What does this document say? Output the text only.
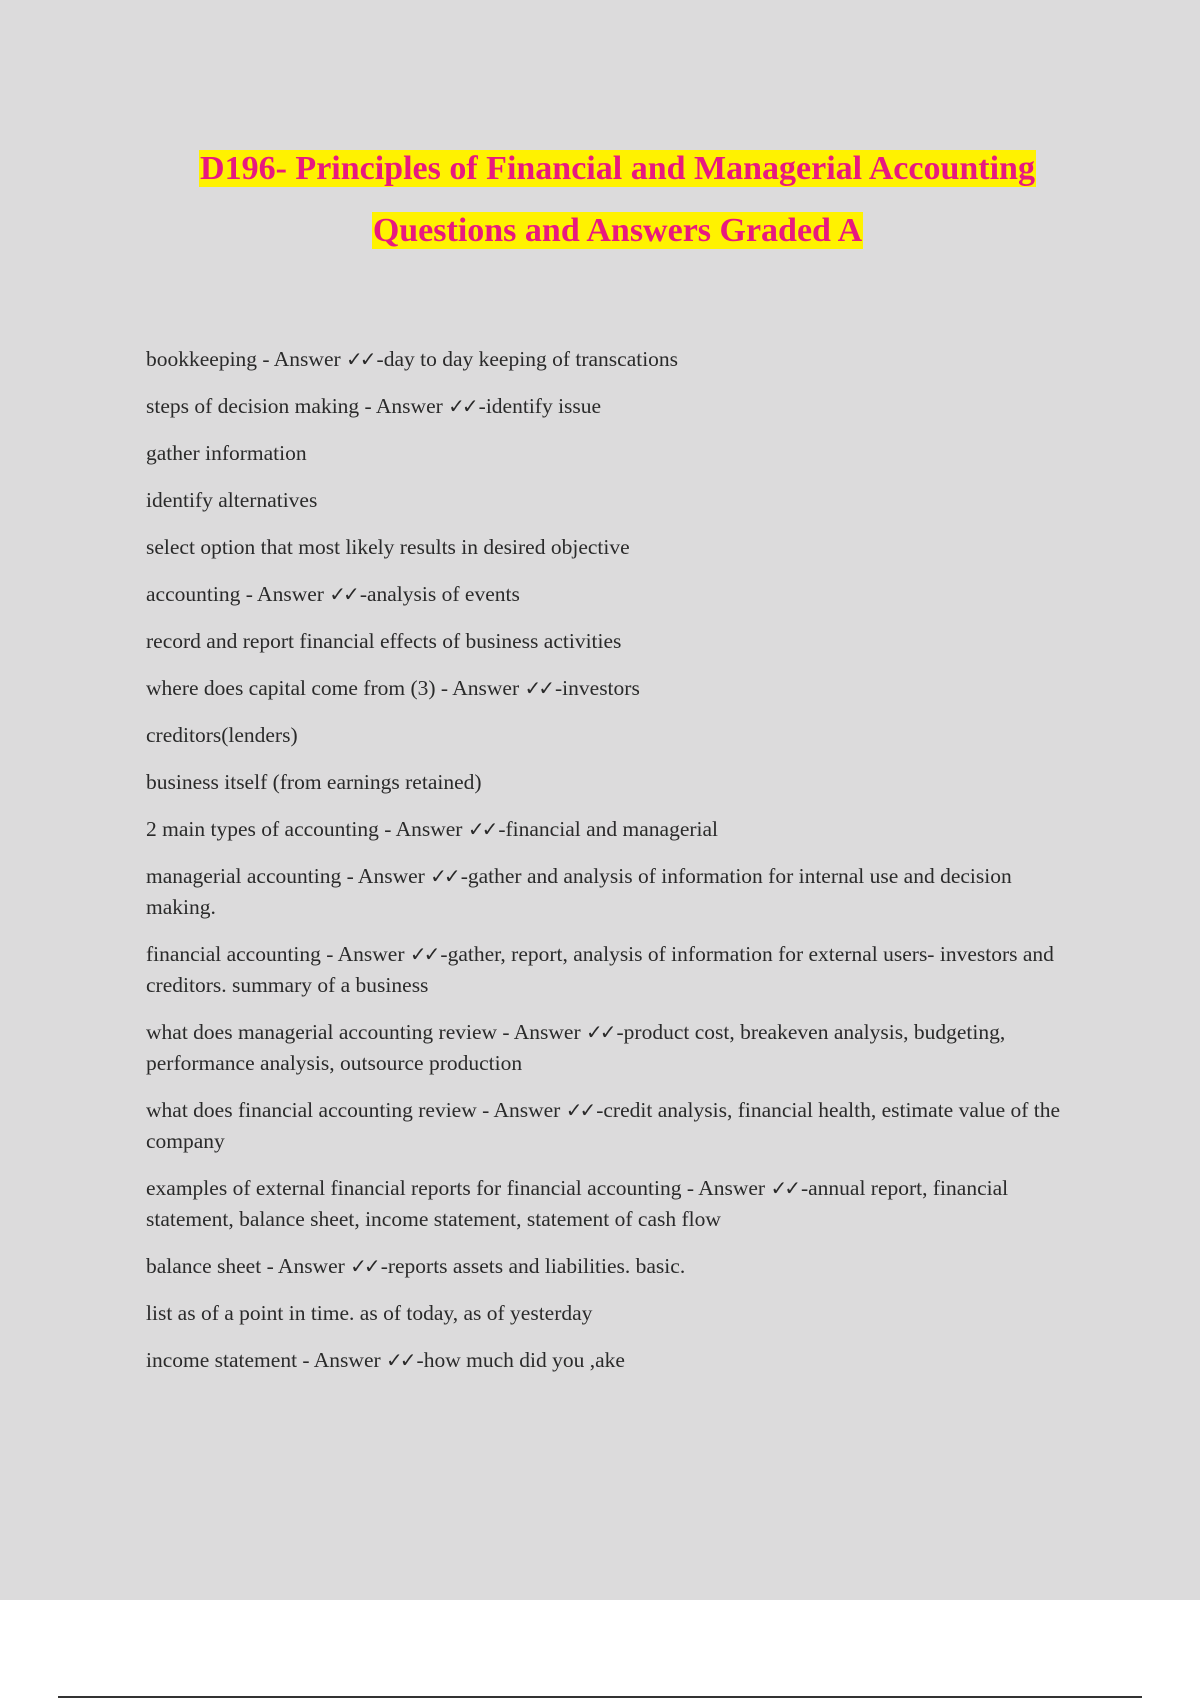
D196- Principles of Financial and Managerial Accounting
Questions and Answers Graded A
bookkeeping - Answer ✓✓ -day to day keeping of transcations
steps of decision making - Answer ✓✓ -identify issue
gather information
identify alternatives
select option that most likely results in desired objective
accounting - Answer ✓✓ -analysis of events
record and report financial effects of business activities
where does capital come from (3) - Answer ✓✓ -investors
creditors(lenders)
business itself (from earnings retained)
2 main types of accounting - Answer ✓✓ -financial and managerial
managerial accounting - Answer ✓✓ -gather and analysis of information for internal use and decision making.
financial accounting - Answer ✓✓ -gather, report, analysis of information for external users- investors and creditors. summary of a business
what does managerial accounting review - Answer ✓✓ -product cost, breakeven analysis, budgeting, performance analysis, outsource production
what does financial accounting review - Answer ✓✓ -credit analysis, financial health, estimate value of the company
examples of external financial reports for financial accounting - Answer ✓✓ -annual report, financial statement, balance sheet, income statement, statement of cash flow
balance sheet - Answer ✓✓ -reports assets and liabilities. basic.
list as of a point in time. as of today, as of yesterday
income statement - Answer ✓✓ -how much did you ,ake
